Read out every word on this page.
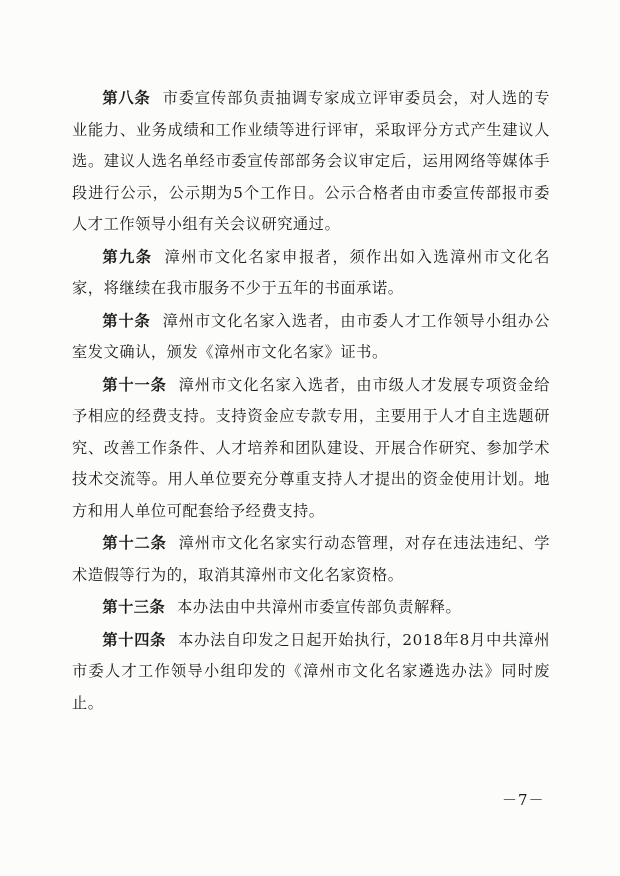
第八条 市委宣传部负责抽调专家成立评审委员会，对人选的专业能力、业务成绩和工作业绩等进行评审，采取评分方式产生建议人选。建议人选名单经市委宣传部部务会议审定后，运用网络等媒体手段进行公示，公示期为5个工作日。公示合格者由市委宣传部报市委人才工作领导小组有关会议研究通过。

第九条 漳州市文化名家申报者，须作出如入选漳州市文化名家，将继续在我市服务不少于五年的书面承诺。

第十条 漳州市文化名家入选者，由市委人才工作领导小组办公室发文确认，颁发《漳州市文化名家》证书。

第十一条 漳州市文化名家入选者，由市级人才发展专项资金给予相应的经费支持。支持资金应专款专用，主要用于人才自主选题研究、改善工作条件、人才培养和团队建设、开展合作研究、参加学术技术交流等。用人单位要充分尊重支持人才提出的资金使用计划。地方和用人单位可配套给予经费支持。

第十二条 漳州市文化名家实行动态管理，对存在违法违纪、学术造假等行为的，取消其漳州市文化名家资格。

第十三条 本办法由中共漳州市委宣传部负责解释。

第十四条 本办法自印发之日起开始执行，2018年8月中共漳州市委人才工作领导小组印发的《漳州市文化名家遴选办法》同时废止。

－7－
